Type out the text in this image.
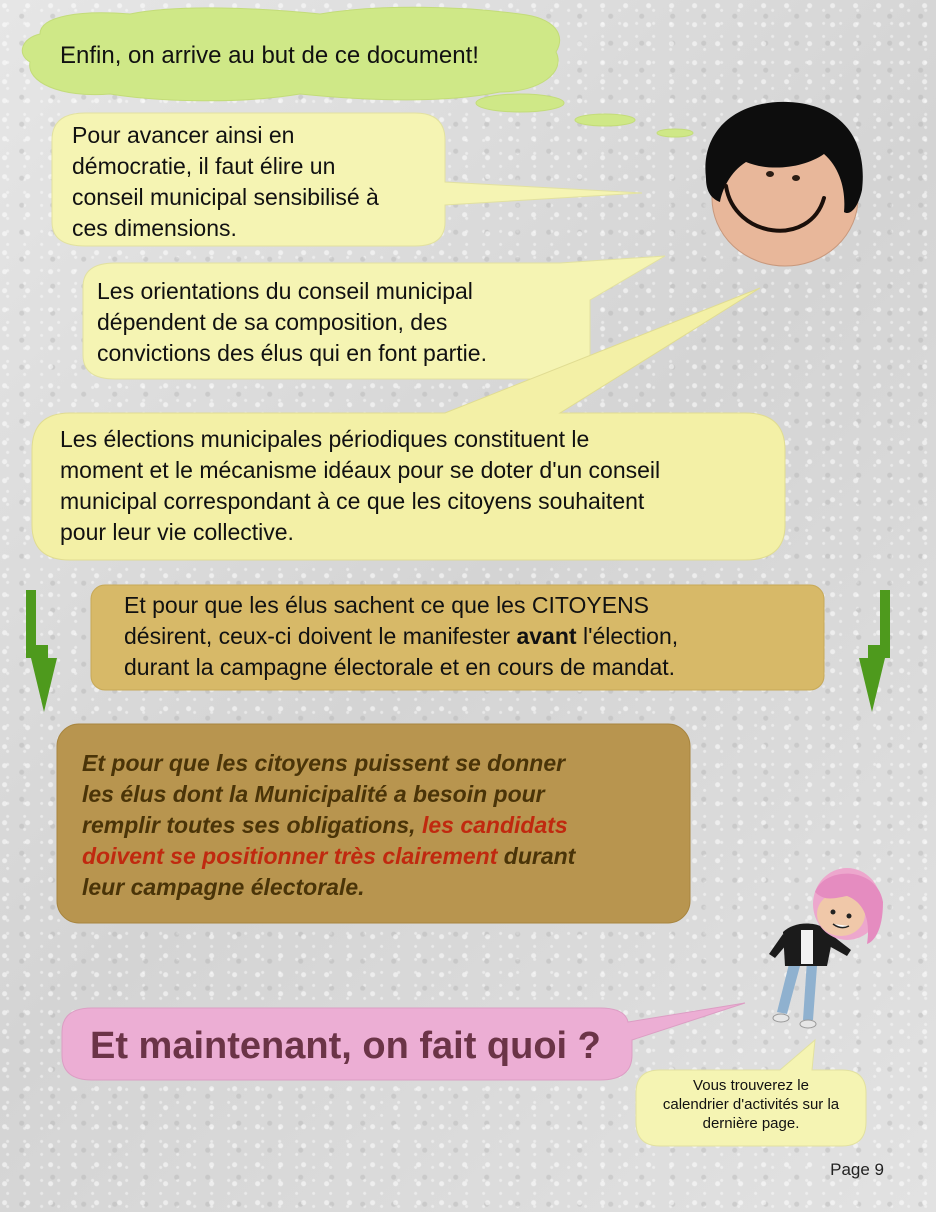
Enfin, on arrive au but de ce document!
Pour avancer ainsi en
démocratie, il faut élire un
conseil municipal sensibilisé à
ces dimensions.
Les orientations du conseil municipal
dépendent de sa composition, des
convictions des élus qui en font partie.
Les élections municipales périodiques constituent le
moment et le mécanisme idéaux pour se doter d'un conseil
municipal correspondant à ce que les citoyens souhaitent
pour leur vie collective.
Et pour que les élus sachent ce que les CITOYENS
désirent, ceux-ci doivent le manifester avant l'élection,
durant la campagne électorale et en cours de mandat.
Et pour que les citoyens puissent se donner
les élus dont la Municipalité a besoin pour
remplir toutes ses obligations, les candidats
doivent se positionner très clairement durant
leur campagne électorale.
Et maintenant, on fait quoi ?
Vous trouverez le
calendrier d'activités sur la
dernière page.
Page 9
